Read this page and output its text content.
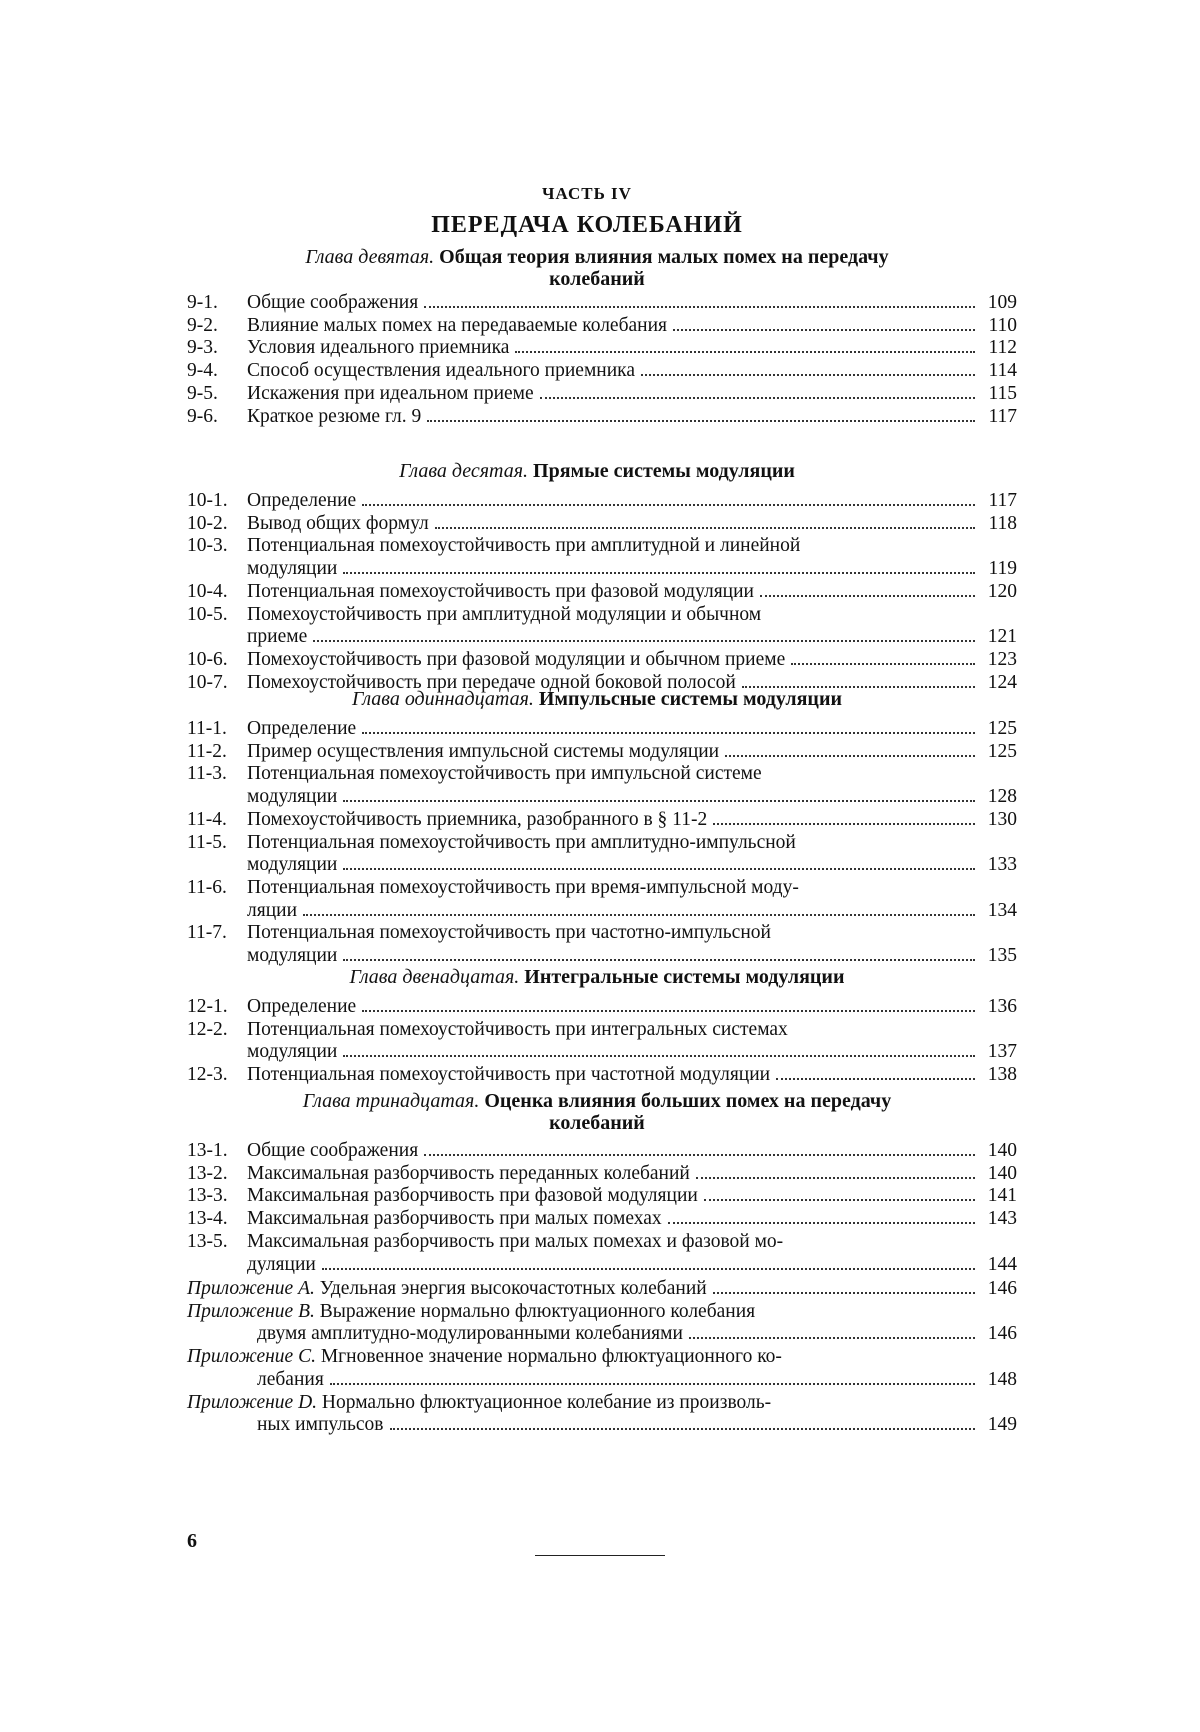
ЧАСТЬ IV
ПЕРЕДАЧА КОЛЕБАНИЙ
Глава девятая. Общая теория влияния малых помех на передачу
колебаний
9-1.	Общие соображения	109
9-2.	Влияние малых помех на передаваемые колебания	110
9-3.	Условия идеального приемника	112
9-4.	Способ осуществления идеального приемника	114
9-5.	Искажения при идеальном приеме	115
9-6.	Краткое резюме гл. 9	117
Глава десятая. Прямые системы модуляции
10-1. Определение	117
10-2. Вывод общих формул	118
10-3. Потенциальная помехоустойчивость при амплитудной и линейной
модуляции	119
10-4. Потенциальная помехоустойчивость при фазовой модуляции	120
10-5. Помехоустойчивость при амплитудной модуляции и обычном
приеме	121
10-6. Помехоустойчивость при фазовой модуляции и обычном приеме	123
10-7. Помехоустойчивость при передаче одной боковой полосой	124
Глава одиннадцатая. Импульсные системы модуляции
11-1.	Определение	125
11-2.	Пример осуществления импульсной системы модуляции	125
11-3.	Потенциальная помехоустойчивость при импульсной системе
модуляции	128
11-4.	Помехоустойчивость приемника, разобранного в § 11-2	130
11-5.	Потенциальная помехоустойчивость при амплитудно-импульсной
модуляции	133
11-6.	Потенциальная помехоустойчивость при время-импульсной моду-
ляции	134
11-7.	Потенциальная помехоустойчивость при частотно-импульсной
модуляции	135
Глава двенадцатая. Интегральные системы модуляции
12-1. Определение	136
12-2. Потенциальная помехоустойчивость при интегральных системах
модуляции	137
12-3. Потенциальная помехоустойчивость при частотной модуляции	138
Глава тринадцатая. Оценка влияния больших помех на передачу
колебаний
13-1. Общие соображения	140
13-2. Максимальная разборчивость переданных колебаний	140
13-3. Максимальная разборчивость при фазовой модуляции	141
13-4. Максимальная разборчивость при малых помехах	143
13-5. Максимальная разборчивость при малых помехах и фазовой мо-
дуляции	144
Приложение A.
Удельная энергия высокочастотных колебаний	146
Приложение B.
Выражение нормально флюктуационного колебания
двумя амплитудно-модулированными колебаниями	146
Приложение C.
Мгновенное значение нормально флюктуационного ко-
лебания	148
Приложение D.
Нормально флюктуационное колебание из произволь-
ных импульсов	149
6
